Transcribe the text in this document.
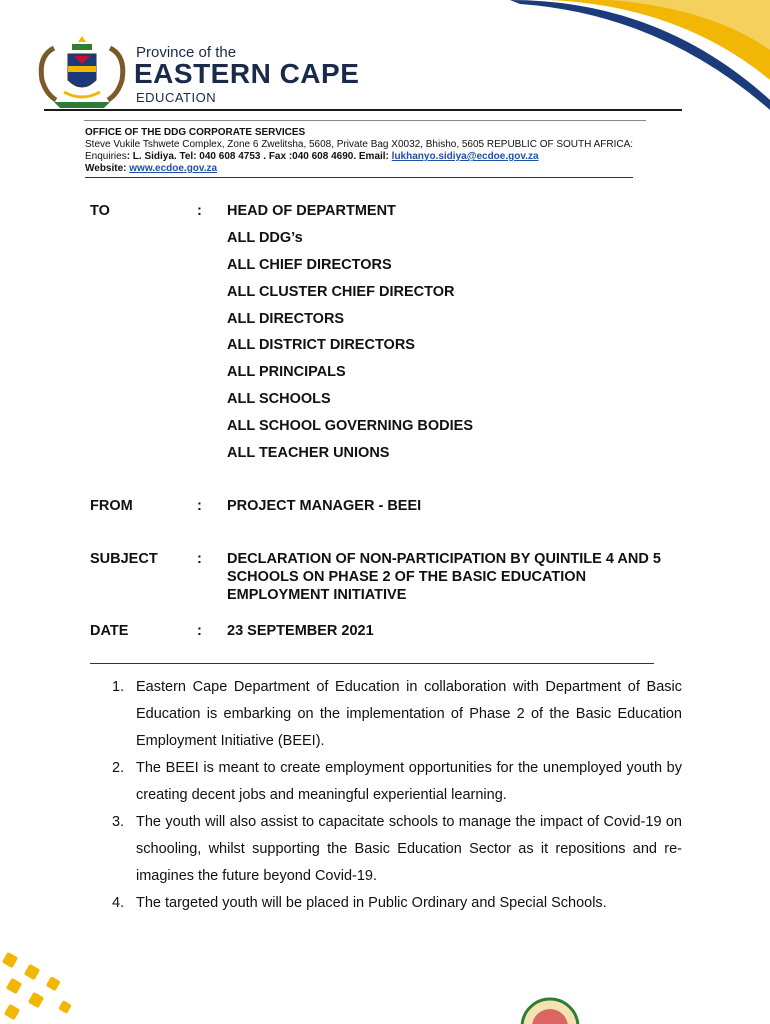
Province of the
EASTERN CAPE
EDUCATION
OFFICE OF THE DDG CORPORATE SERVICES
Steve Vukile Tshwete Complex, Zone 6 Zwelitsha, 5608, Private Bag X0032, Bhisho, 5605 REPUBLIC OF SOUTH AFRICA:
Enquiries: L. Sidiya. Tel: 040 608 4753 . Fax :040 608 4690. Email: lukhanyo.sidiya@ecdoe.gov.za
Website: www.ecdoe.gov.za
TO	: HEAD OF DEPARTMENT
ALL DDG’s
ALL CHIEF DIRECTORS
ALL CLUSTER CHIEF DIRECTOR
ALL DIRECTORS
ALL DISTRICT DIRECTORS
ALL PRINCIPALS
ALL SCHOOLS
ALL SCHOOL GOVERNING BODIES
ALL TEACHER UNIONS
FROM	: PROJECT MANAGER - BEEI
SUBJECT	: DECLARATION OF NON-PARTICIPATION BY QUINTILE 4 AND 5 SCHOOLS ON PHASE 2 OF THE BASIC EDUCATION EMPLOYMENT INITIATIVE
DATE	: 23 SEPTEMBER 2021
1. Eastern Cape Department of Education in collaboration with Department of Basic Education is embarking on the implementation of Phase 2 of the Basic Education Employment Initiative (BEEI).
2. The BEEI is meant to create employment opportunities for the unemployed youth by creating decent jobs and meaningful experiential learning.
3. The youth will also assist to capacitate schools to manage the impact of Covid-19 on schooling, whilst supporting the Basic Education Sector as it repositions and re-imagines the future beyond Covid-19.
4. The targeted youth will be placed in Public Ordinary and Special Schools.
